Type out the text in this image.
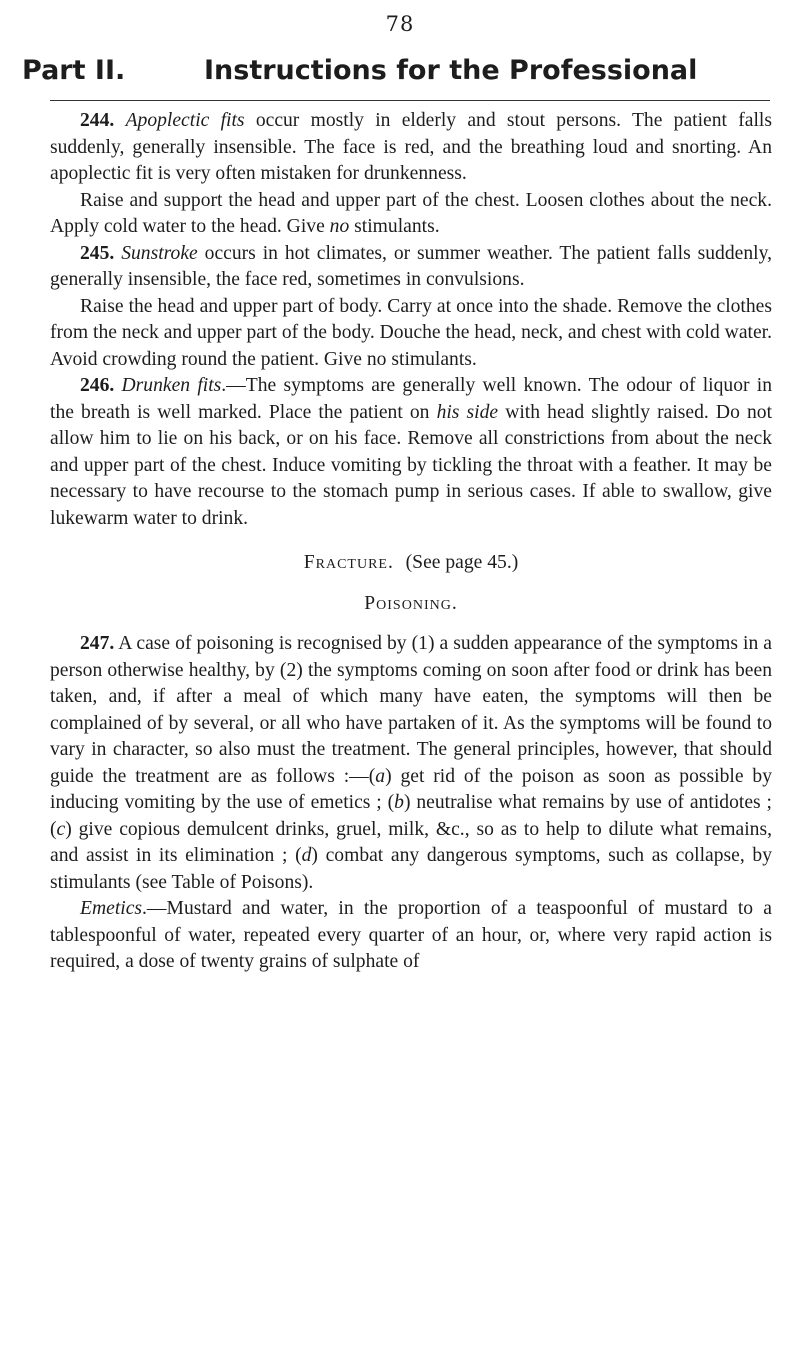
78
Part II.	Instructions for the Professional

244. Apoplectic fits occur mostly in elderly and stout persons. The patient falls suddenly, generally insensible. The face is red, and the breathing loud and snorting. An apoplectic fit is very often mistaken for drunkenness.

Raise and support the head and upper part of the chest. Loosen clothes about the neck. Apply cold water to the head. Give no stimulants.

245. Sunstroke occurs in hot climates, or summer weather. The patient falls suddenly, generally insensible, the face red, sometimes in convulsions.

Raise the head and upper part of body. Carry at once into the shade. Remove the clothes from the neck and upper part of the body. Douche the head, neck, and chest with cold water. Avoid crowding round the patient. Give no stimulants.

246. Drunken fits.—The symptoms are generally well known. The odour of liquor in the breath is well marked. Place the patient on his side with head slightly raised. Do not allow him to lie on his back, or on his face. Remove all constrictions from about the neck and upper part of the chest. Induce vomiting by tickling the throat with a feather. It may be necessary to have recourse to the stomach pump in serious cases. If able to swallow, give lukewarm water to drink.

Fracture. (See page 45.)

Poisoning.

247. A case of poisoning is recognised by (1) a sudden appearance of the symptoms in a person otherwise healthy, by (2) the symptoms coming on soon after food or drink has been taken, and, if after a meal of which many have eaten, the symptoms will then be complained of by several, or all who have partaken of it. As the symptoms will be found to vary in character, so also must the treatment. The general principles, however, that should guide the treatment are as follows :—(a) get rid of the poison as soon as possible by inducing vomiting by the use of emetics ; (b) neutralise what remains by use of antidotes ; (c) give copious demulcent drinks, gruel, milk, &c., so as to help to dilute what remains, and assist in its elimination ; (d) combat any dangerous symptoms, such as collapse, by stimulants (see Table of Poisons).

Emetics.—Mustard and water, in the proportion of a teaspoonful of mustard to a tablespoonful of water, repeated every quarter of an hour, or, where very rapid action is required, a dose of twenty grains of sulphate of
